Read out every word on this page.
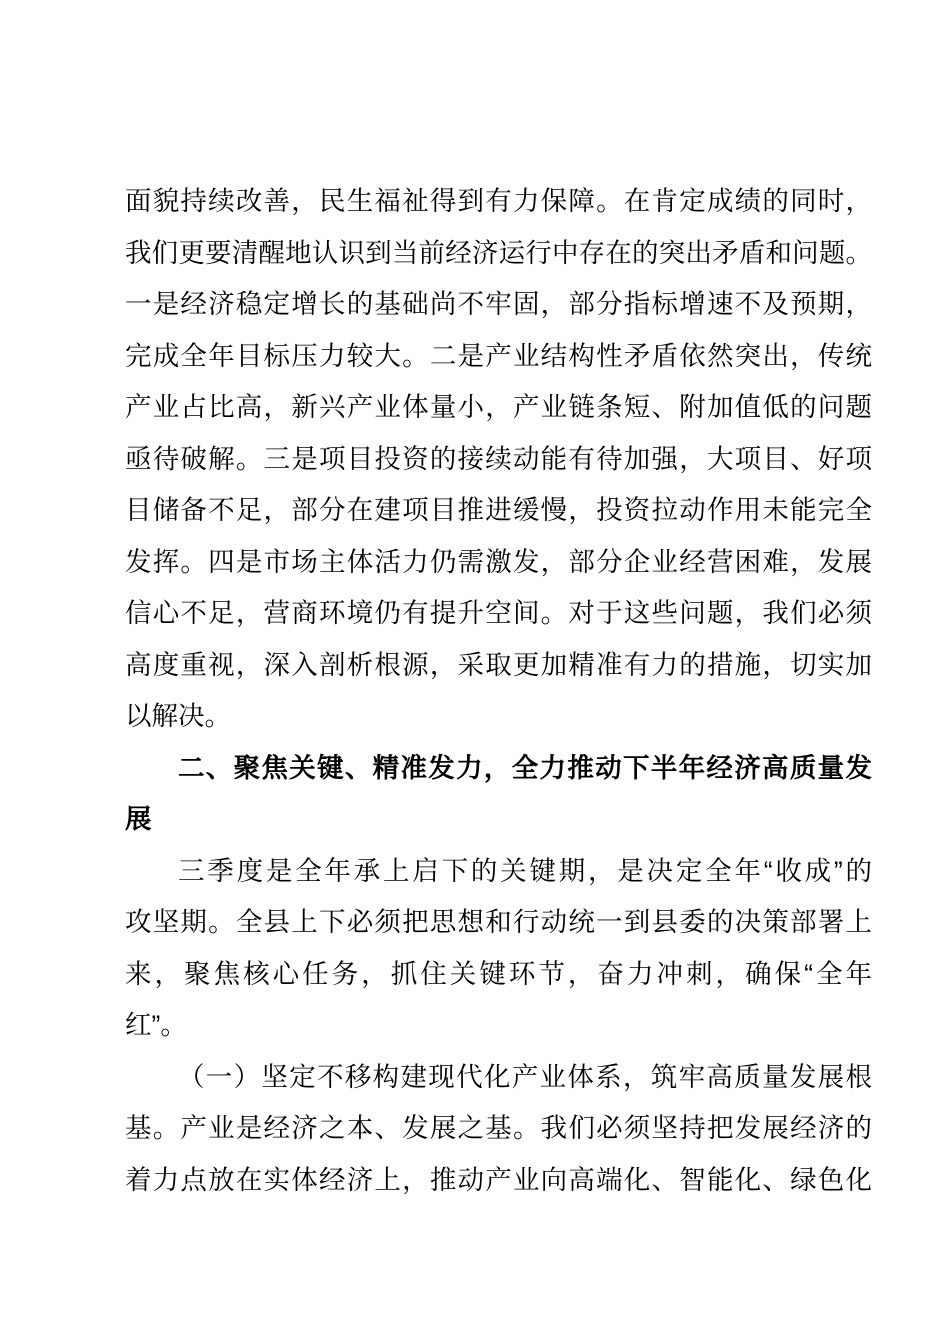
面貌持续改善，民生福祉得到有力保障。在肯定成绩的同时，
我们更要清醒地认识到当前经济运行中存在的突出矛盾和问题。
一是经济稳定增长的基础尚不牢固，部分指标增速不及预期，
完成全年目标压力较大。二是产业结构性矛盾依然突出，传统
产业占比高，新兴产业体量小，产业链条短、附加值低的问题
亟待破解。三是项目投资的接续动能有待加强，大项目、好项
目储备不足，部分在建项目推进缓慢，投资拉动作用未能完全
发挥。四是市场主体活力仍需激发，部分企业经营困难，发展
信心不足，营商环境仍有提升空间。对于这些问题，我们必须
高度重视，深入剖析根源，采取更加精准有力的措施，切实加
以解决。
二、聚焦关键、精准发力，全力推动下半年经济高质量发
展
三季度是全年承上启下的关键期，是决定全年“收成”的
攻坚期。全县上下必须把思想和行动统一到县委的决策部署上
来，聚焦核心任务，抓住关键环节，奋力冲刺，确保“全年
红”。
（一）坚定不移构建现代化产业体系，筑牢高质量发展根
基。产业是经济之本、发展之基。我们必须坚持把发展经济的
着力点放在实体经济上，推动产业向高端化、智能化、绿色化
